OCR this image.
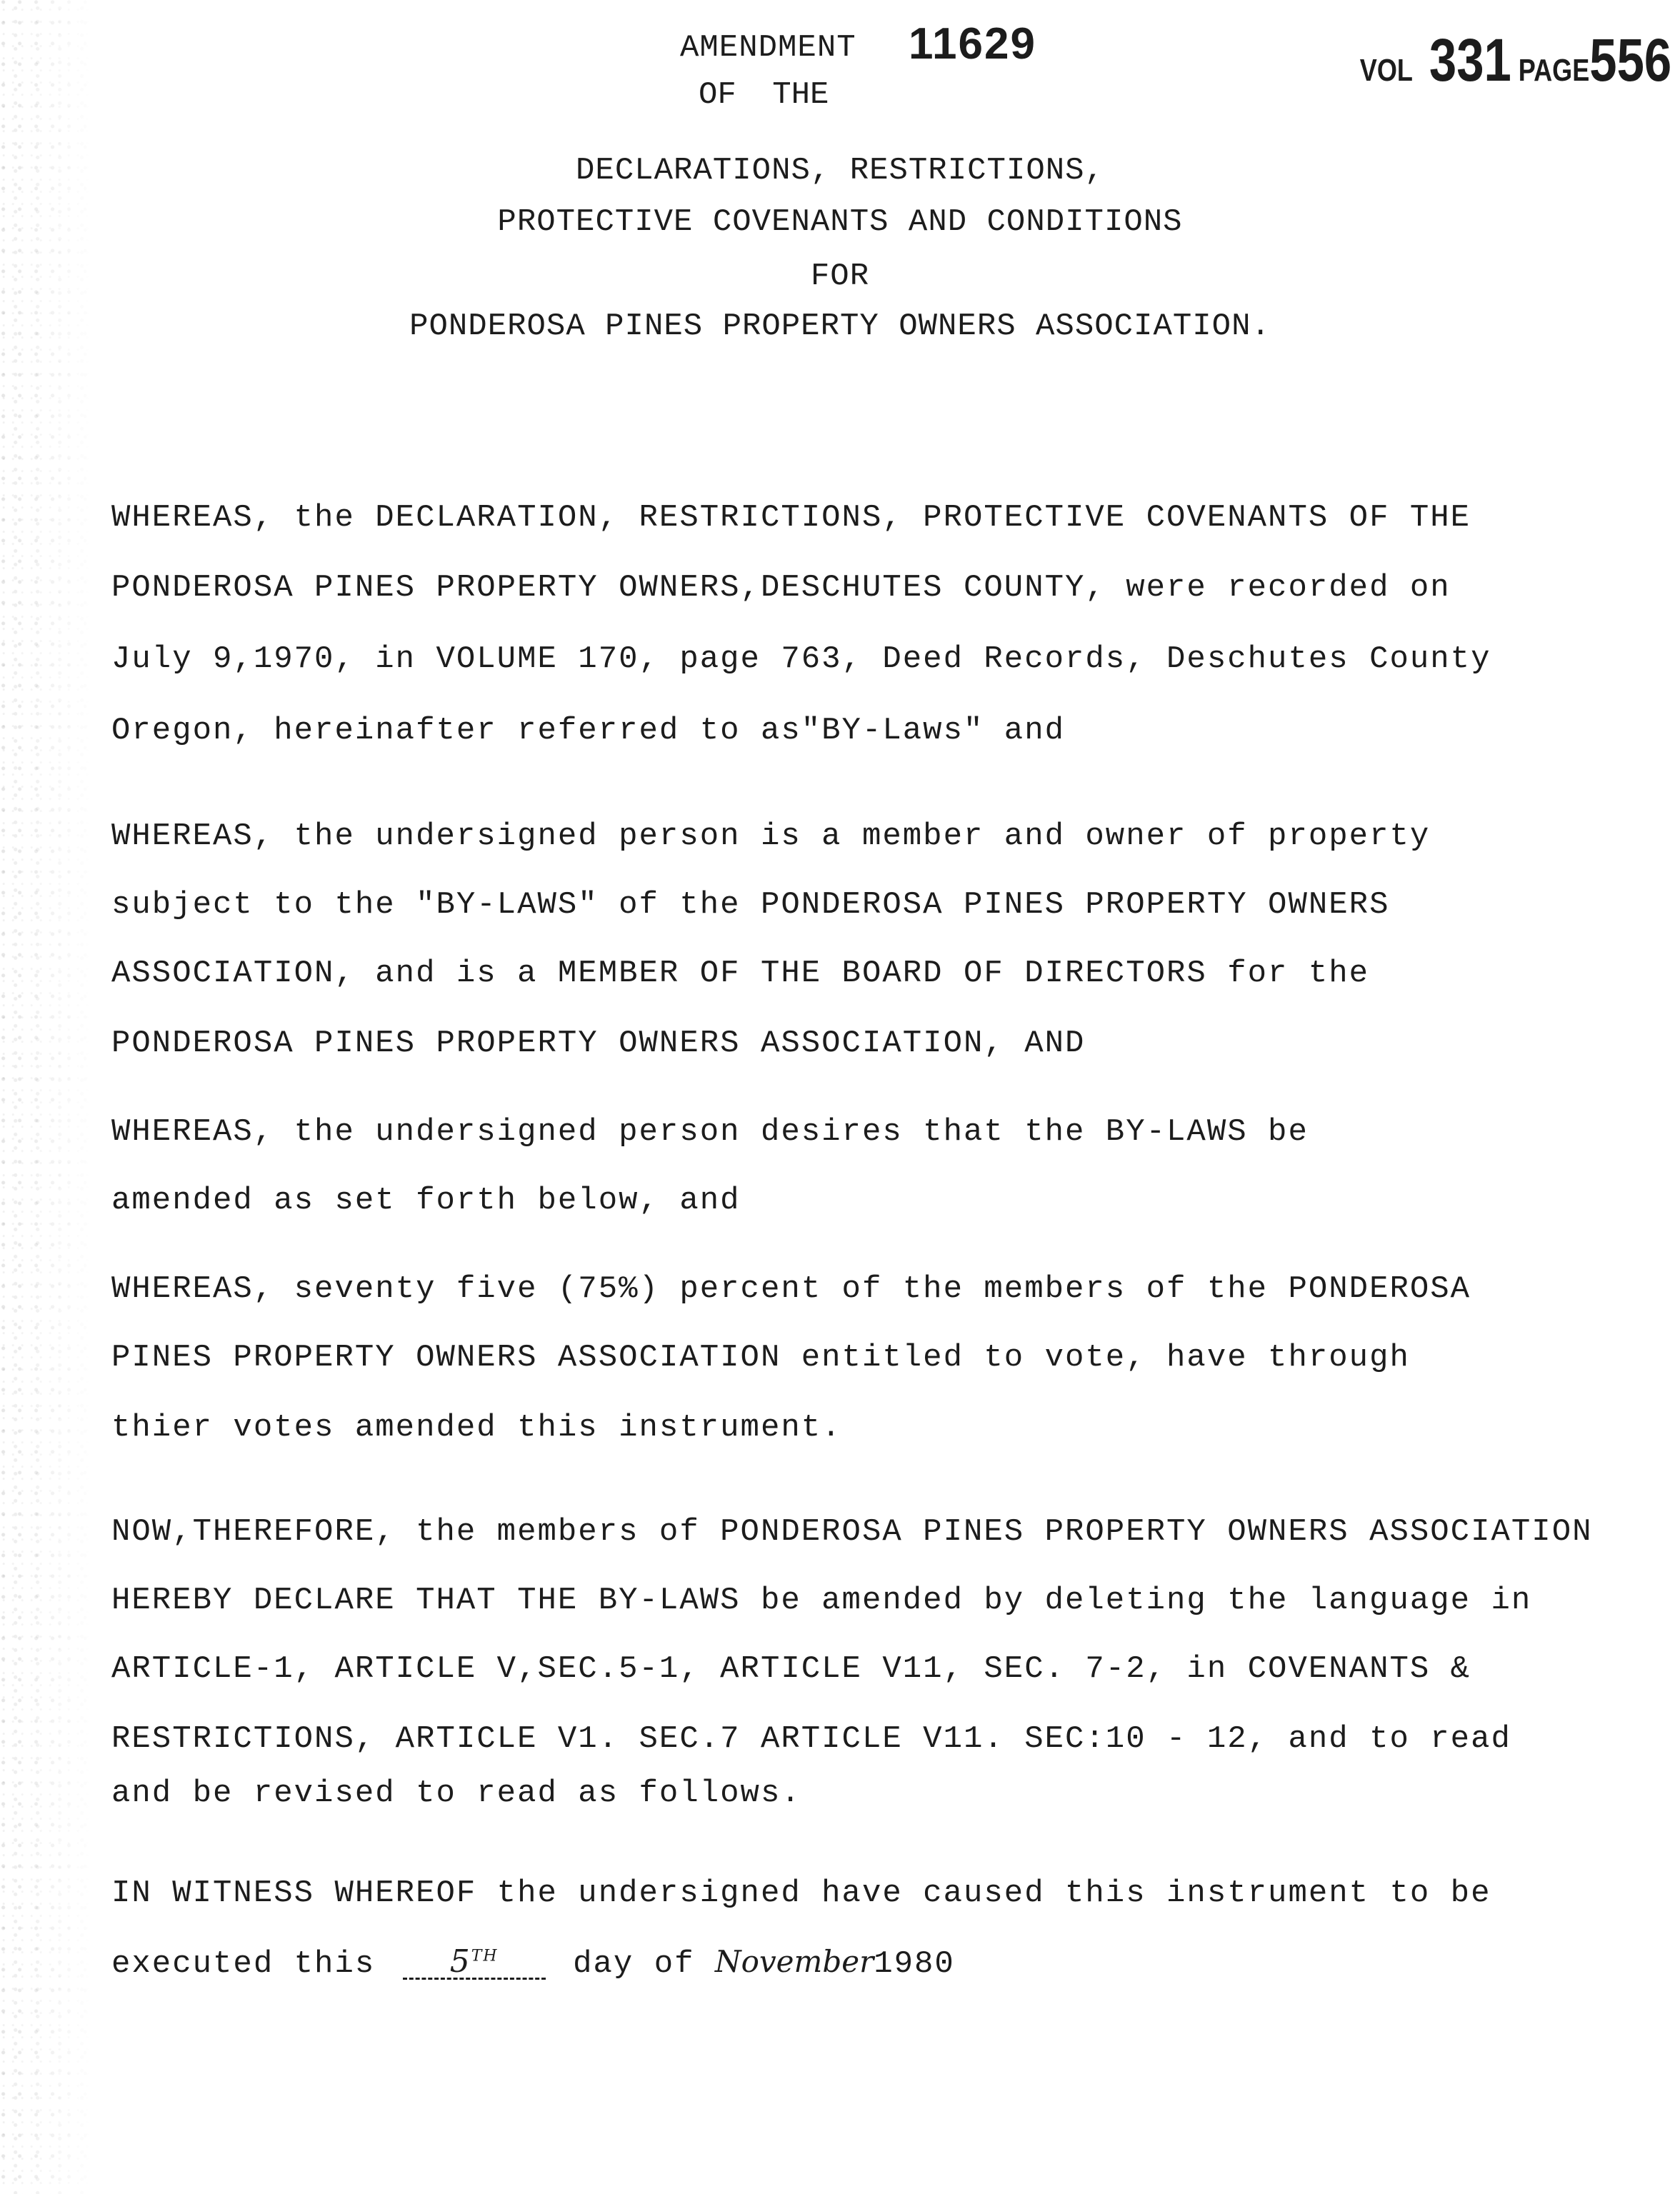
AMENDMENT 11629
OF THE
VOL 331 PAGE 556
DECLARATIONS, RESTRICTIONS,
PROTECTIVE COVENANTS AND CONDITIONS
FOR
PONDEROSA PINES PROPERTY OWNERS ASSOCIATION.
WHEREAS, the DECLARATION, RESTRICTIONS, PROTECTIVE COVENANTS OF THE
PONDEROSA PINES PROPERTY OWNERS,DESCHUTES COUNTY, were recorded on
July 9,1970, in VOLUME 170, page 763, Deed Records, Deschutes County
Oregon, hereinafter referred to as"BY-Laws" and
WHEREAS, the undersigned person is a member and owner of property
subject to the "BY-LAWS" of the PONDEROSA PINES PROPERTY OWNERS
ASSOCIATION, and is a MEMBER OF THE BOARD OF DIRECTORS for the
PONDEROSA PINES PROPERTY OWNERS ASSOCIATION, AND
WHEREAS, the undersigned person desires that the BY-LAWS be
amended as set forth below, and
WHEREAS, seventy five (75%) percent of the members of the PONDEROSA
PINES PROPERTY OWNERS ASSOCIATION entitled to vote, have through
thier votes amended this instrument.
NOW,THEREFORE, the members of PONDEROSA PINES PROPERTY OWNERS ASSOCIATION
HEREBY DECLARE THAT THE BY-LAWS be amended by deleting the language in
ARTICLE-1, ARTICLE V,SEC.5-1, ARTICLE V11, SEC. 7-2, in COVENANTS &
RESTRICTIONS, ARTICLE V1. SEC.7 ARTICLE V11. SEC:10 - 12, and to read
and be revised to read as follows.
IN WITNESS WHEREOF the undersigned have caused this instrument to be
executed this 5TH day of November1980
